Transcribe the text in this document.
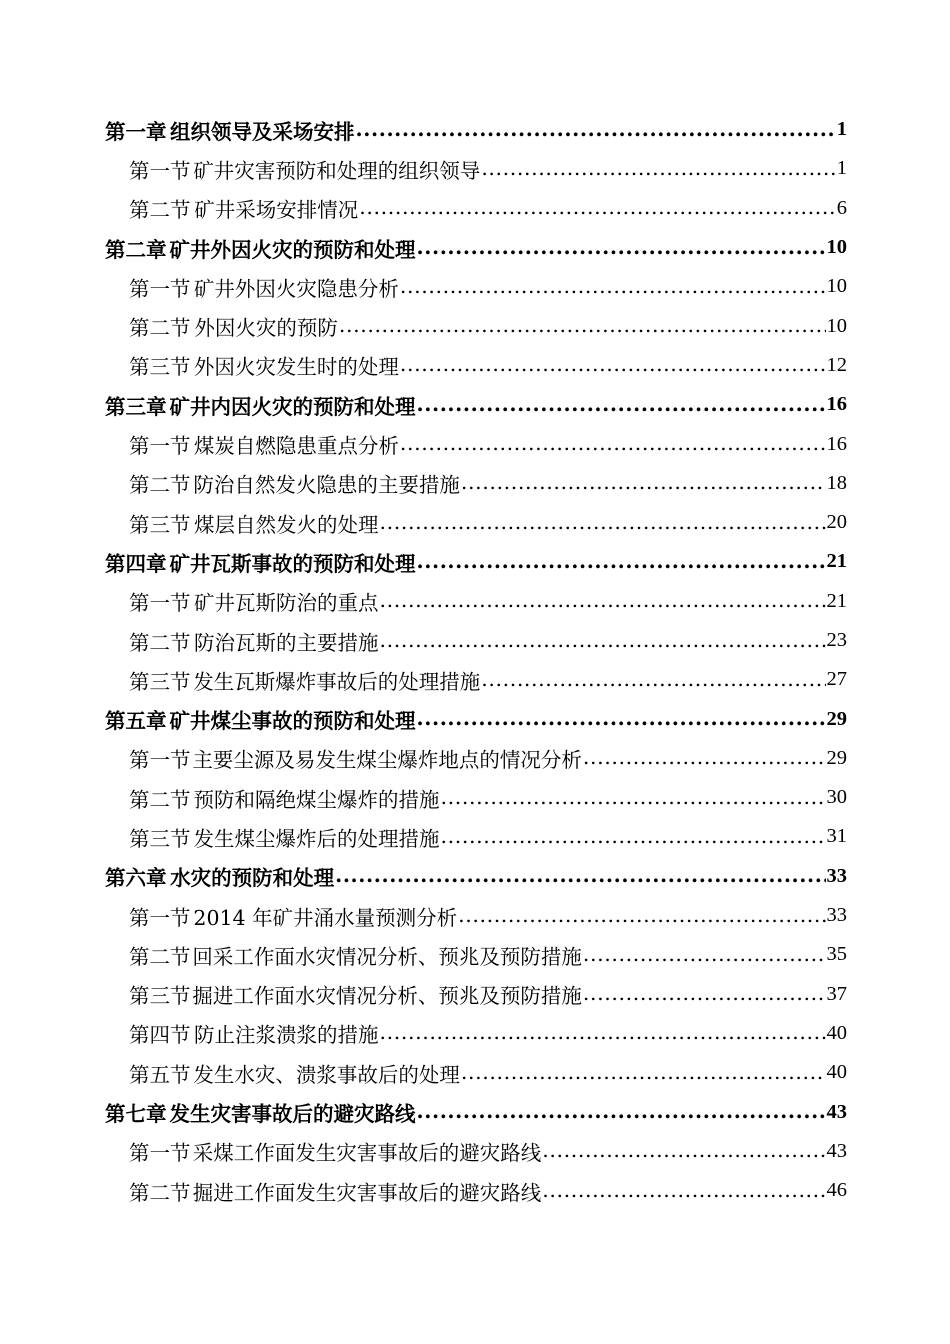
第一章 组织领导及采场安排 .....	1
第一节 矿井灾害预防和处理的组织领导 .....	1
第二节 矿井采场安排情况 .....	6
第二章 矿井外因火灾的预防和处理 .....	10
第一节 矿井外因火灾隐患分析 .....	10
第二节 外因火灾的预防 .....	10
第三节 外因火灾发生时的处理 .....	12
第三章 矿井内因火灾的预防和处理 .....	16
第一节 煤炭自燃隐患重点分析 .....	16
第二节 防治自然发火隐患的主要措施 .....	18
第三节 煤层自然发火的处理 .....	20
第四章 矿井瓦斯事故的预防和处理 .....	21
第一节 矿井瓦斯防治的重点 .....	21
第二节 防治瓦斯的主要措施 .....	23
第三节 发生瓦斯爆炸事故后的处理措施 .....	27
第五章 矿井煤尘事故的预防和处理 .....	29
第一节 主要尘源及易发生煤尘爆炸地点的情况分析 .....	29
第二节 预防和隔绝煤尘爆炸的措施 .....	30
第三节 发生煤尘爆炸后的处理措施 .....	31
第六章 水灾的预防和处理 .....	33
第一节 2014 年矿井涌水量预测分析 .....	33
第二节 回采工作面水灾情况分析、预兆及预防措施 .....	35
第三节 掘进工作面水灾情况分析、预兆及预防措施 .....	37
第四节 防止注浆溃浆的措施 .....	40
第五节 发生水灾、溃浆事故后的处理 .....	40
第七章 发生灾害事故后的避灾路线 .....	43
第一节 采煤工作面发生灾害事故后的避灾路线 .....	43
第二节 掘进工作面发生灾害事故后的避灾路线 .....	46
